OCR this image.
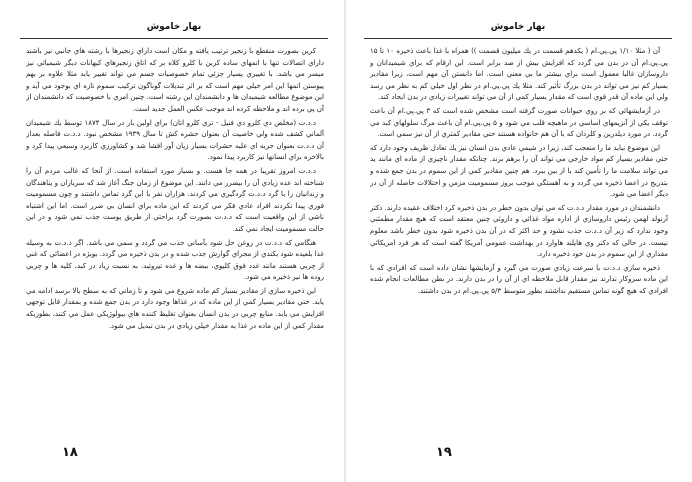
بهار خاموش

کرین بصورت منقطع با زنجیر ترتیب یافته و مکان است داراي زنجیرها با رشته هاي جانبي نیز باشند داراي اتصالات تنها با اتمهاي ساده كربن با كلرو كلاه بر كه اتاق زنجيرهاي كيهانات ديگر شيميائي نيز ميسر مي باشد. با تغييري بسيار جزئي تمام خصوصيات جسم مي تواند تغيير يابد مثلا علاوه بر بهم پيوستن اتمها اين امر خيلي مهم است كه بر اثر تبديلات گوناگون تركيب سموم تازه اي بوجود مي آيد و اين موضوع مطالعه شيميدان ها و دانشمندان اين رشته است. چنين امري با خصوصيت كه دانشمندان از آن پي برده اند و ملاحظه كرده اند موجب عكس العمل جديد است.

د.د.ت (مخلص دي كلرو دي فنيل - تري كلرو اتان) براي اولين بار در سال ۱۸۷۴ توسط يك شيميدان آلماني كشف شده ولي خاصيت آن بعنوان حشره كش تا سال ۱۹۳۹ مشخص نبود. د.د.ت فاصله بعداز آن د.د.ت بعنوان حربه اي عليه حشرات بسيار زيان آور افشا شد و كشاورزي كاربرد وسيعي پيدا كرد و بالاخره براي انسانها نيز كاربرد پيدا نمود.

د.د.ت امروز تقريبا در همه جا هست. و بسيار مورد استفاده است. از آنجا كه غالب مردم آن را شناخته اند عده زيادي آن را بيضرر مي دانند. اين موضوع از زمان جنگ آغاز شد كه سربازان و پناهندگان و زندانيان را با گرد د.د.ت گردگيري مي كردند. هزاران نفر با اين گرد تماس داشتند و چون مسموميت فوري پيدا نكردند افراد عادي فكر مي كردند كه اين ماده براي انسان بي ضرر است. اما اين اشتباه ناشي از اين واقعيت است كه د.د.ت بصورت گرد براحتي از طريق پوست جذب نمي شود و در اين حالت مسموميت ايجاد نمي كند.

هنگامي كه د.د.ت در روغن حل شود بآساني جذب مي گردد و سمي مي باشد. اگر د.د.ت به وسيله غذا بلعيده شود بكندي از مجراي گوارش جذب شده و در بدن ذخيره مي گردد. بويژه در اعضائي كه غني از چربي هستند مانند غدد فوق كليوي، بيضه ها و غده تيروئيد. به نسبت زياد در كبد، كليه ها و چربي روده ها نيز ذخيره مي شود.

اين ذخيره سازي از مقادير بسيار كم ماده شروع مي شود و تا زماني كه به سطح بالا برسد ادامه مي يابد. حتي مقادير بسيار كمي از اين ماده كه در غذاها وجود دارد در بدن جمع شده و بمقدار قابل توجهي افزايش مي يابد. منابع چربي در بدن انسان بعنوان تغليظ كننده هاي بيولوژيكي عمل مي كنند، بطوريكه مقدار كمي از اين ماده در غذا به مقدار خيلي زيادي در بدن تبديل مي شود.

۱۸
بهار خاموش

آن ( مثلا ۱/۱۰ پي.پي.ام ( يكدهم قسمت در يك ميليون قسمت )) همراه با غذا باعث ذخيره ۱۰ تا ۱۵ پي.پي.ام آن در بدن مي گردد كه افزايش بيش از صد برابر است. اين ارقام كه براي شيميدانان و داروسازان غالبا معمول است براي بيشتر ما بي معني است. اما دانستن آن مهم است، زيرا مقادير بسيار كم نيز مي تواند در بدن بزرگ تأثير كند. مثلا يك پي.پي.ام در نظر اول خيلي كم به نظر مي رسد ولي اين ماده آن قدر قوي است كه مقدار بسيار كمي از آن مي تواند تغييرات زيادي در بدن ايجاد كند.

در آزمايشهائي كه بر روي حيوانات صورت گرفته است مشخص شده است كه ۳ پي.پي.ام آن باعث توقف يكي از آنزيمهاي اساسي در ماهيچه قلب مي شود و ۵ پي.پي.ام آن باعث مرگ سلولهاي كبد مي گردد. در مورد ديلدرين و كلردان كه با آن هم خانواده هستند حتي مقادير كمتري از آن نيز سمي است.

اين موضوع نبايد ما را متعجب كند، زيرا در شيمي عادي بدن انسان نيز يك تعادل ظريف وجود دارد كه حتي مقادير بسيار كم مواد خارجي مي تواند آن را برهم بزند. چنانكه مقدار ناچيزي از ماده اي مانند يد مي تواند سلامت ما را تأمين كند يا از بين ببرد. هم چنين مقادير كمي از اين سموم در بدن جمع شده و بتدريج در اعضا ذخيره مي گردد و به آهستگي موجب بروز مسموميت مزمن و اختلالات حاصله از آن در ديگر اعضا مي شود.

دانشمندان در مورد مقدار د.د.ت كه مي توان بدون خطر در بدن ذخيره كرد اختلاف عقيده دارند. دكتر آرنولد لهمن رئيس داروسازي از اداره مواد غذائي و داروئي چنين معتقد است كه هيچ مقدار مطمئني وجود ندارد كه زير آن د.د.ت جذب نشود و حد اكثر كه در آن بدن ذخيره شود بدون خطر باشد معلوم نيست. در حالي كه دكتر وي هايلند هاوارد در بهداشت عمومي آمريكا گفته است كه هر فرد امريكائي مقداري از اين سموم در بدن خود ذخيره دارد.

ذخيره سازي د.د.ت با سرعت زيادي صورت مي گيرد و آزمايشها نشان داده است كه افرادي كه با اين ماده سروكار ندارند نيز مقدار قابل ملاحظه اي از آن را در بدن دارند. در بطن مطالعات انجام شده افرادي كه هيچ گونه تماس مستقيم نداشتند بطور متوسط ۵/۳ پي.پي.ام در بدن داشتند.

۱۹
